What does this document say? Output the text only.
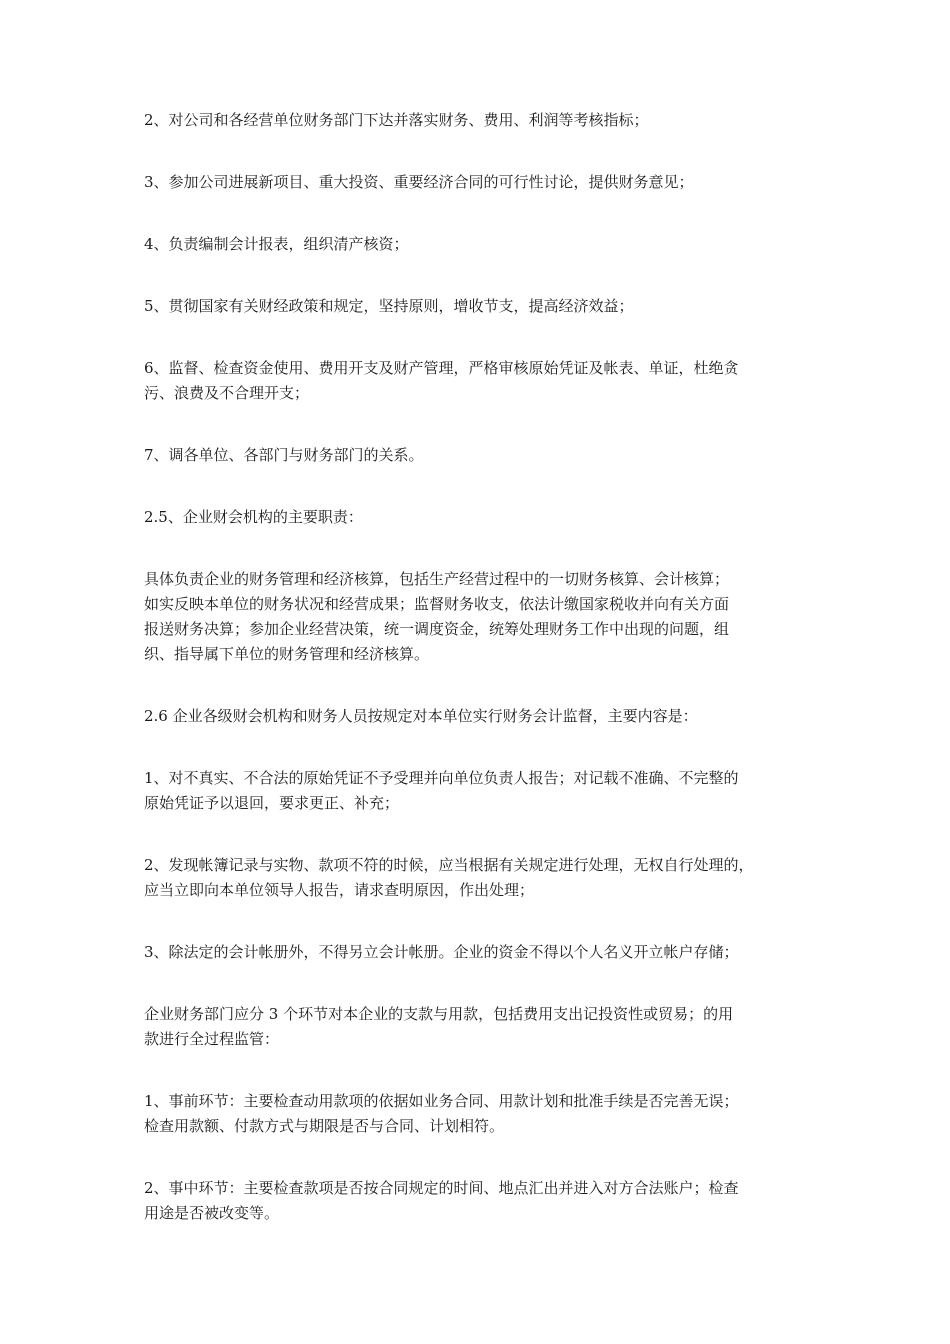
2、对公司和各经营单位财务部门下达并落实财务、费用、利润等考核指标；

3、参加公司进展新项目、重大投资、重要经济合同的可行性讨论，提供财务意见；

4、负责编制会计报表，组织清产核资；

5、贯彻国家有关财经政策和规定，坚持原则，增收节支，提高经济效益；

6、监督、检查资金使用、费用开支及财产管理，严格审核原始凭证及帐表、单证，杜绝贪
污、浪费及不合理开支；

7、调各单位、各部门与财务部门的关系。

2.5、企业财会机构的主要职责：

具体负责企业的财务管理和经济核算，包括生产经营过程中的一切财务核算、会计核算；
如实反映本单位的财务状况和经营成果；监督财务收支，依法计缴国家税收并向有关方面
报送财务决算；参加企业经营决策，统一调度资金，统筹处理财务工作中出现的问题，组
织、指导属下单位的财务管理和经济核算。

2.6 企业各级财会机构和财务人员按规定对本单位实行财务会计监督，主要内容是：

1、对不真实、不合法的原始凭证不予受理并向单位负责人报告；对记载不准确、不完整的
原始凭证予以退回，要求更正、补充；

2、发现帐簿记录与实物、款项不符的时候，应当根据有关规定进行处理，无权自行处理的，
应当立即向本单位领导人报告，请求查明原因，作出处理；

3、除法定的会计帐册外，不得另立会计帐册。企业的资金不得以个人名义开立帐户存储；

企业财务部门应分 3 个环节对本企业的支款与用款，包括费用支出记投资性或贸易；的用
款进行全过程监管：

1、事前环节：主要检查动用款项的依据如业务合同、用款计划和批准手续是否完善无误；
检查用款额、付款方式与期限是否与合同、计划相符。

2、事中环节：主要检查款项是否按合同规定的时间、地点汇出并进入对方合法账户；检查
用途是否被改变等。
